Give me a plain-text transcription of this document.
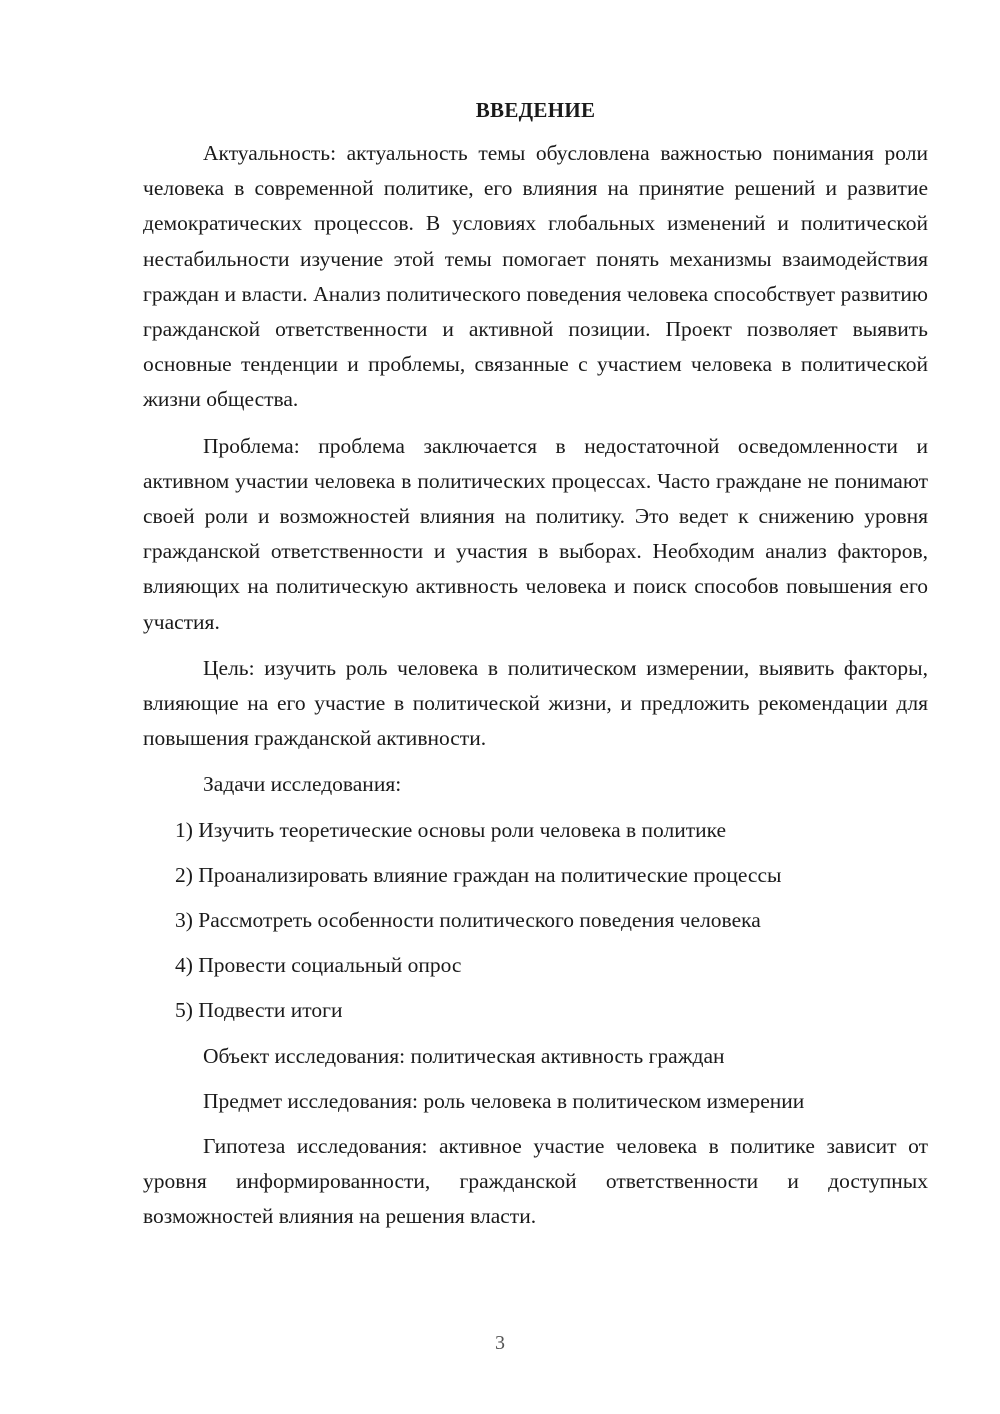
ВВЕДЕНИЕ

Актуальность: актуальность темы обусловлена важностью понимания роли человека в современной политике, его влияния на принятие решений и развитие демократических процессов. В условиях глобальных изменений и политической нестабильности изучение этой темы помогает понять механизмы взаимодействия граждан и власти. Анализ политического поведения человека способствует развитию гражданской ответственности и активной позиции. Проект позволяет выявить основные тенденции и проблемы, связанные с участием человека в политической жизни общества.

Проблема: проблема заключается в недостаточной осведомленности и активном участии человека в политических процессах. Часто граждане не понимают своей роли и возможностей влияния на политику. Это ведет к снижению уровня гражданской ответственности и участия в выборах. Необходим анализ факторов, влияющих на политическую активность человека и поиск способов повышения его участия.

Цель: изучить роль человека в политическом измерении, выявить факторы, влияющие на его участие в политической жизни, и предложить рекомендации для повышения гражданской активности.

Задачи исследования:

1) Изучить теоретические основы роли человека в политике

2) Проанализировать влияние граждан на политические процессы

3) Рассмотреть особенности политического поведения человека

4) Провести социальный опрос

5) Подвести итоги

Объект исследования: политическая активность граждан

Предмет исследования: роль человека в политическом измерении

Гипотеза исследования: активное участие человека в политике зависит от уровня информированности, гражданской ответственности и доступных возможностей влияния на решения власти.

3
